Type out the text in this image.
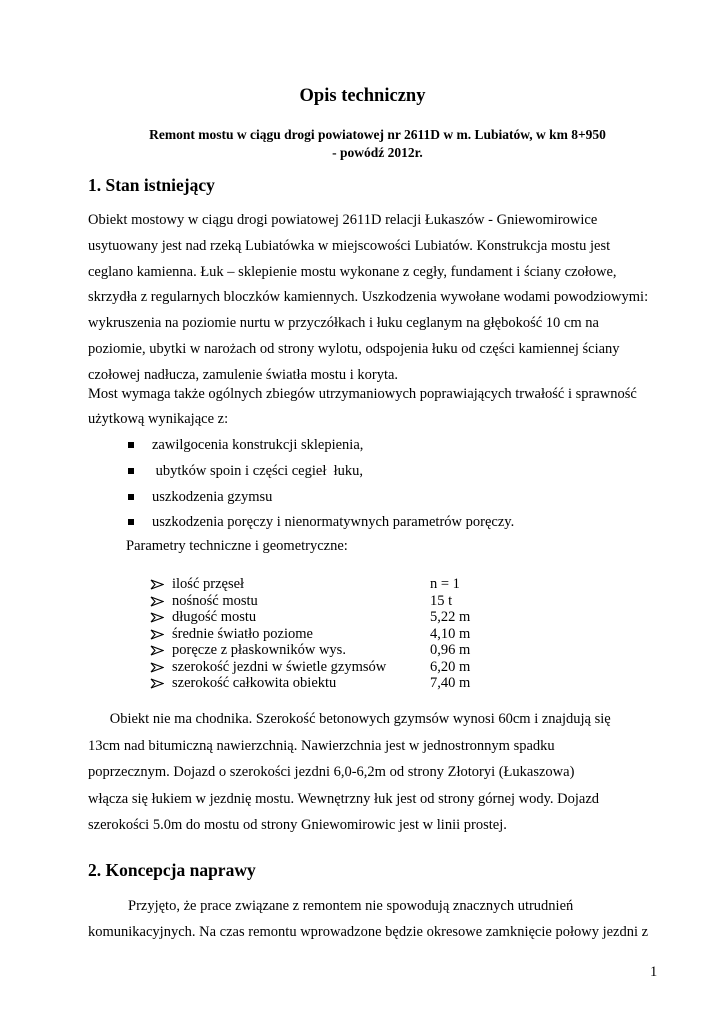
Opis techniczny

Remont mostu w ciągu drogi powiatowej nr 2611D w m. Lubiatów, w km 8+950
- powódź 2012r.

1. Stan istniejący

Obiekt mostowy w ciągu drogi powiatowej 2611D relacji Łukaszów - Gniewomirowice
usytuowany jest nad rzeką Lubiatówka w miejscowości Lubiatów. Konstrukcja mostu jest
ceglano kamienna. Łuk – sklepienie mostu wykonane z cegły, fundament i ściany czołowe,
skrzydła z regularnych bloczków kamiennych. Uszkodzenia wywołane wodami powodziowymi:
wykruszenia na poziomie nurtu w przyczółkach i łuku ceglanym na głębokość 10 cm na
poziomie, ubytki w narożach od strony wylotu, odspojenia łuku od części kamiennej ściany
czołowej nadłucza, zamulenie światła mostu i koryta.

Most wymaga także ogólnych zbiegów utrzymaniowych poprawiających trwałość i sprawność
użytkową wynikające z:

zawilgocenia konstrukcji sklepienia,
ubytków spoin i części cegieł  łuku,
uszkodzenia gzymsu
uszkodzenia poręczy i nienormatywnych parametrów poręczy.

Parametry techniczne i geometryczne:

ilość przęseł	n = 1
nośność mostu	15 t
długość mostu	5,22 m
średnie światło poziome	4,10 m
poręcze z płaskowników wys.	0,96 m
szerokość jezdni w świetle gzymsów	6,20 m
szerokość całkowita obiektu	7,40 m

Obiekt nie ma chodnika. Szerokość betonowych gzymsów wynosi 60cm i znajdują się
13cm nad bitumiczną nawierzchnią. Nawierzchnia jest w jednostronnym spadku
poprzecznym. Dojazd o szerokości jezdni 6,0-6,2m od strony Złotoryi (Łukaszowa)
włącza się łukiem w jezdnię mostu. Wewnętrzny łuk jest od strony górnej wody. Dojazd
szerokości 5.0m do mostu od strony Gniewomirowic jest w linii prostej.

2. Koncepcja naprawy

Przyjęto, że prace związane z remontem nie spowodują znacznych utrudnień
komunikacyjnych. Na czas remontu wprowadzone będzie okresowe zamknięcie połowy jezdni z

1
